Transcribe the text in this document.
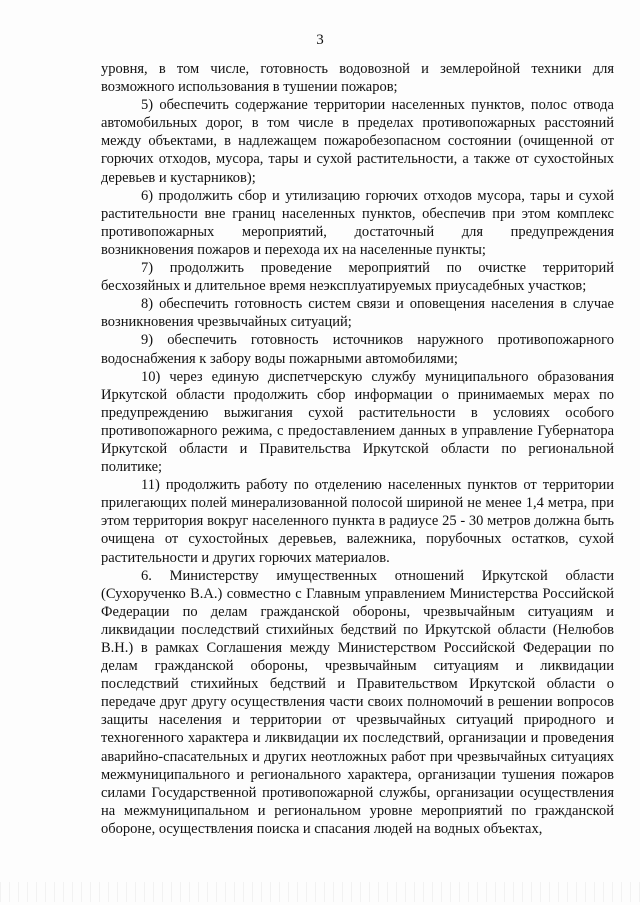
3

уровня, в том числе, готовность водовозной и землеройной техники для возможного использования в тушении пожаров;

5) обеспечить содержание территории населенных пунктов, полос отвода автомобильных дорог, в том числе в пределах противопожарных расстояний между объектами, в надлежащем пожаробезопасном состоянии (очищенной от горючих отходов, мусора, тары и сухой растительности, а также от сухостойных деревьев и кустарников);

6) продолжить сбор и утилизацию горючих отходов мусора, тары и сухой растительности вне границ населенных пунктов, обеспечив при этом комплекс противопожарных мероприятий, достаточный для предупреждения возникновения пожаров и перехода их на населенные пункты;

7) продолжить проведение мероприятий по очистке территорий бесхозяйных и длительное время неэксплуатируемых приусадебных участков;

8) обеспечить готовность систем связи и оповещения населения в случае возникновения чрезвычайных ситуаций;

9) обеспечить готовность источников наружного противопожарного водоснабжения к забору воды пожарными автомобилями;

10) через единую диспетчерскую службу муниципального образования Иркутской области продолжить сбор информации о принимаемых мерах по предупреждению выжигания сухой растительности в условиях особого противопожарного режима, с предоставлением данных в управление Губернатора Иркутской области и Правительства Иркутской области по региональной политике;

11) продолжить работу по отделению населенных пунктов от территории прилегающих полей минерализованной полосой шириной не менее 1,4 метра, при этом территория вокруг населенного пункта в радиусе 25 - 30 метров должна быть очищена от сухостойных деревьев, валежника, порубочных остатков, сухой растительности и других горючих материалов.

6. Министерству имущественных отношений Иркутской области (Сухорученко В.А.) совместно с Главным управлением Министерства Российской Федерации по делам гражданской обороны, чрезвычайным ситуациям и ликвидации последствий стихийных бедствий по Иркутской области (Нелюбов В.Н.) в рамках Соглашения между Министерством Российской Федерации по делам гражданской обороны, чрезвычайным ситуациям и ликвидации последствий стихийных бедствий и Правительством Иркутской области о передаче друг другу осуществления части своих полномочий в решении вопросов защиты населения и территории от чрезвычайных ситуаций природного и техногенного характера и ликвидации их последствий, организации и проведения аварийно-спасательных и других неотложных работ при чрезвычайных ситуациях межмуниципального и регионального характера, организации тушения пожаров силами Государственной противопожарной службы, организации осуществления на межмуниципальном и региональном уровне мероприятий по гражданской обороне, осуществления поиска и спасания людей на водных объектах,
